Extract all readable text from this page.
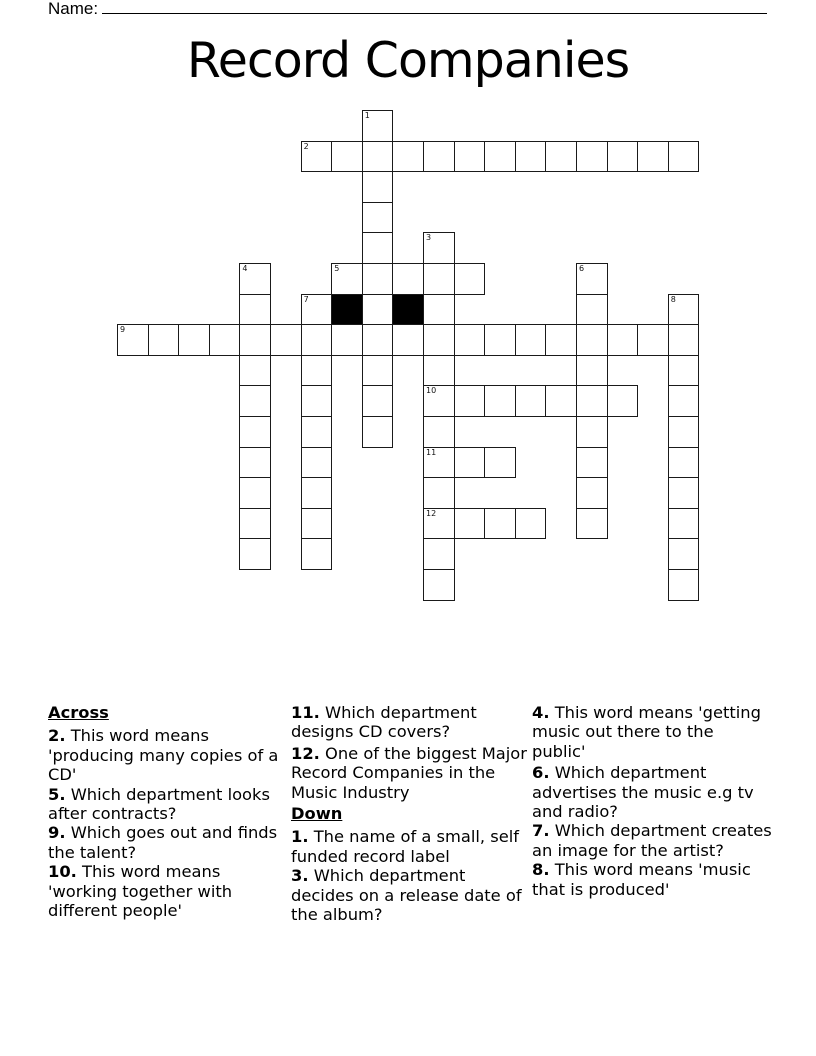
Name:
Record Companies
1
2
3
10
11
12
4	5	6
7	8
9
Across
2. This word means 'producing many copies of a CD'
5. Which department looks after contracts?
9. Which goes out and finds the talent?
10. This word means 'working together with different people'
11. Which department designs CD covers?
12. One of the biggest Major Record Companies in the Music Industry
Down
1. The name of a small, self funded record label
3. Which department decides on a release date of the album?
4. This word means 'getting music out there to the public'
6. Which department advertises the music e.g tv and radio?
7. Which department creates an image for the artist?
8. This word means 'music that is produced'
